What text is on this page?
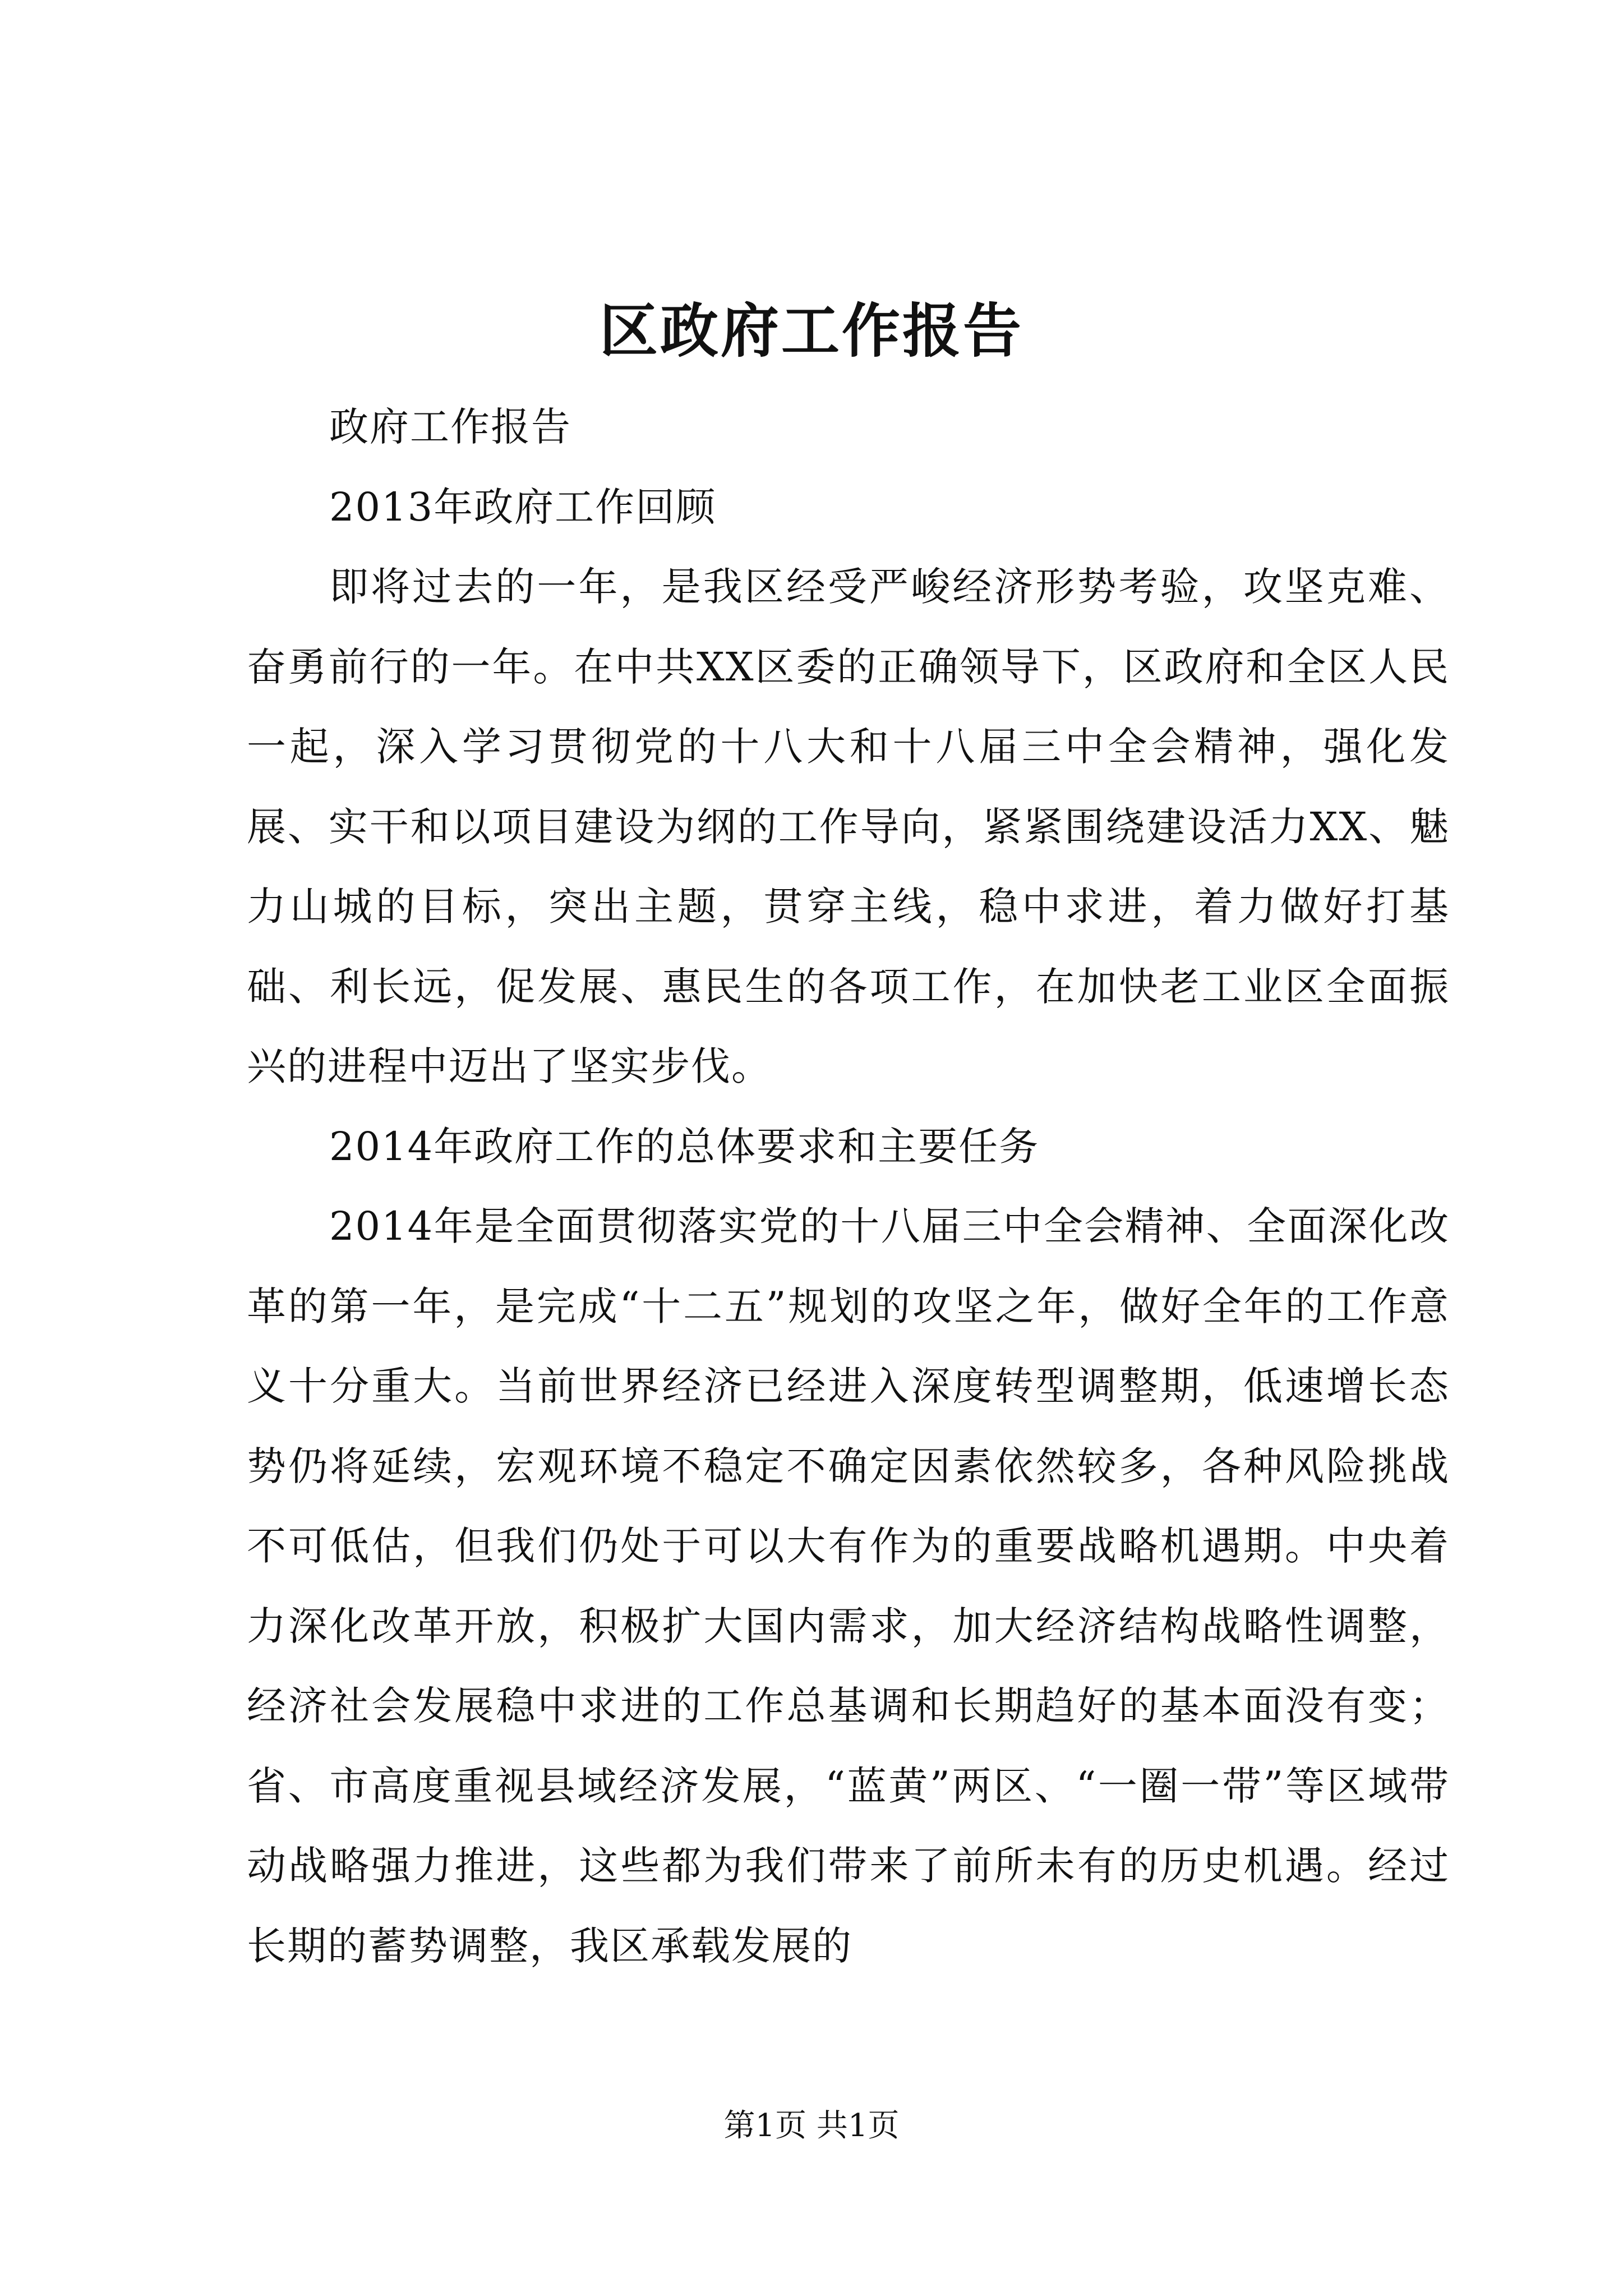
区政府工作报告

政府工作报告

2013年政府工作回顾

即将过去的一年，是我区经受严峻经济形势考验，攻坚克难、奋勇前行的一年。在中共XX区委的正确领导下，区政府和全区人民一起，深入学习贯彻党的十八大和十八届三中全会精神，强化发展、实干和以项目建设为纲的工作导向，紧紧围绕建设活力XX、魅力山城的目标，突出主题，贯穿主线，稳中求进，着力做好打基础、利长远，促发展、惠民生的各项工作，在加快老工业区全面振兴的进程中迈出了坚实步伐。

2014年政府工作的总体要求和主要任务

2014年是全面贯彻落实党的十八届三中全会精神、全面深化改革的第一年，是完成“十二五”规划的攻坚之年，做好全年的工作意义十分重大。当前世界经济已经进入深度转型调整期，低速增长态势仍将延续，宏观环境不稳定不确定因素依然较多，各种风险挑战不可低估，但我们仍处于可以大有作为的重要战略机遇期。中央着力深化改革开放，积极扩大国内需求，加大经济结构战略性调整，经济社会发展稳中求进的工作总基调和长期趋好的基本面没有变；省、市高度重视县域经济发展，“蓝黄”两区、“一圈一带”等区域带动战略强力推进，这些都为我们带来了前所未有的历史机遇。经过长期的蓄势调整，我区承载发展的

第1页 共1页
